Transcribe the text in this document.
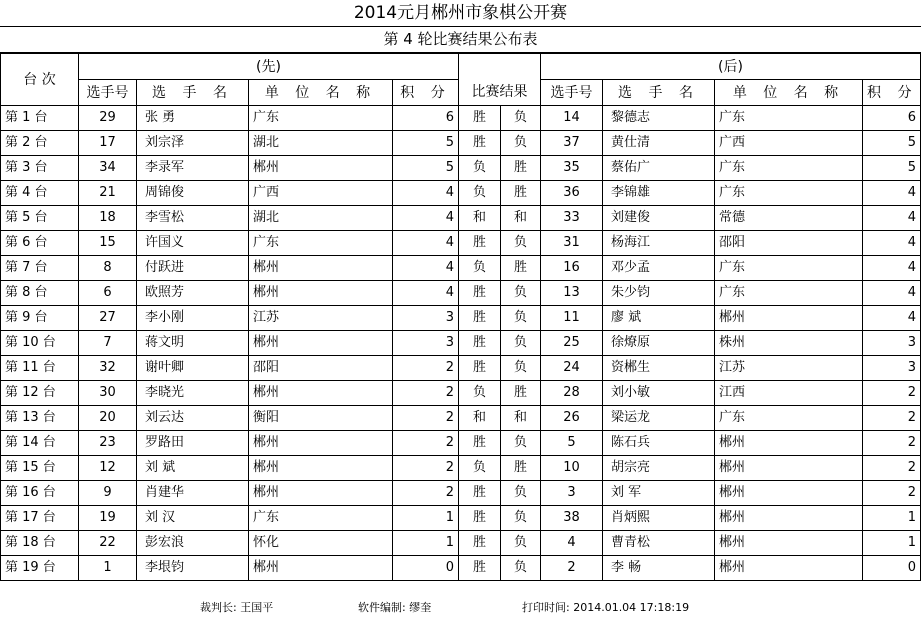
2014元月郴州市象棋公开赛
第 4 轮比赛结果公布表
台 次	(先)						(后)			
	选手号	选 手 名	单 位 名 称	积 分	比赛结果		选手号	选 手 名	单 位 名 称	积 分
第 1 台	29	张 勇	广东	6	胜	负	14	黎德志	广东	6
第 2 台	17	刘宗泽	湖北	5	胜	负	37	黄仕清	广西	5
第 3 台	34	李录军	郴州	5	负	胜	35	蔡佑广	广东	5
第 4 台	21	周锦俊	广西	4	负	胜	36	李锦雄	广东	4
第 5 台	18	李雪松	湖北	4	和	和	33	刘建俊	常德	4
第 6 台	15	许国义	广东	4	胜	负	31	杨海江	邵阳	4
第 7 台	8	付跃进	郴州	4	负	胜	16	邓少孟	广东	4
第 8 台	6	欧照芳	郴州	4	胜	负	13	朱少钧	广东	4
第 9 台	27	李小刚	江苏	3	胜	负	11	廖 斌	郴州	4
第 10 台	7	蒋文明	郴州	3	胜	负	25	徐燎原	株州	3
第 11 台	32	谢叶卿	邵阳	2	胜	负	24	资郴生	江苏	3
第 12 台	30	李晓光	郴州	2	负	胜	28	刘小敏	江西	2
第 13 台	20	刘云达	衡阳	2	和	和	26	梁运龙	广东	2
第 14 台	23	罗路田	郴州	2	胜	负	5	陈石兵	郴州	2
第 15 台	12	刘 斌	郴州	2	负	胜	10	胡宗亮	郴州	2
第 16 台	9	肖建华	郴州	2	胜	负	3	刘 军	郴州	2
第 17 台	19	刘 汉	广东	1	胜	负	38	肖炳熙	郴州	1
第 18 台	22	彭宏浪	怀化	1	胜	负	4	曹青松	郴州	1
第 19 台	1	李垠钧	郴州	0	胜	负	2	李 畅	郴州	0
裁判长: 王国平	软件编制: 缪奎	打印时间: 2014.01.04 17:18:19
